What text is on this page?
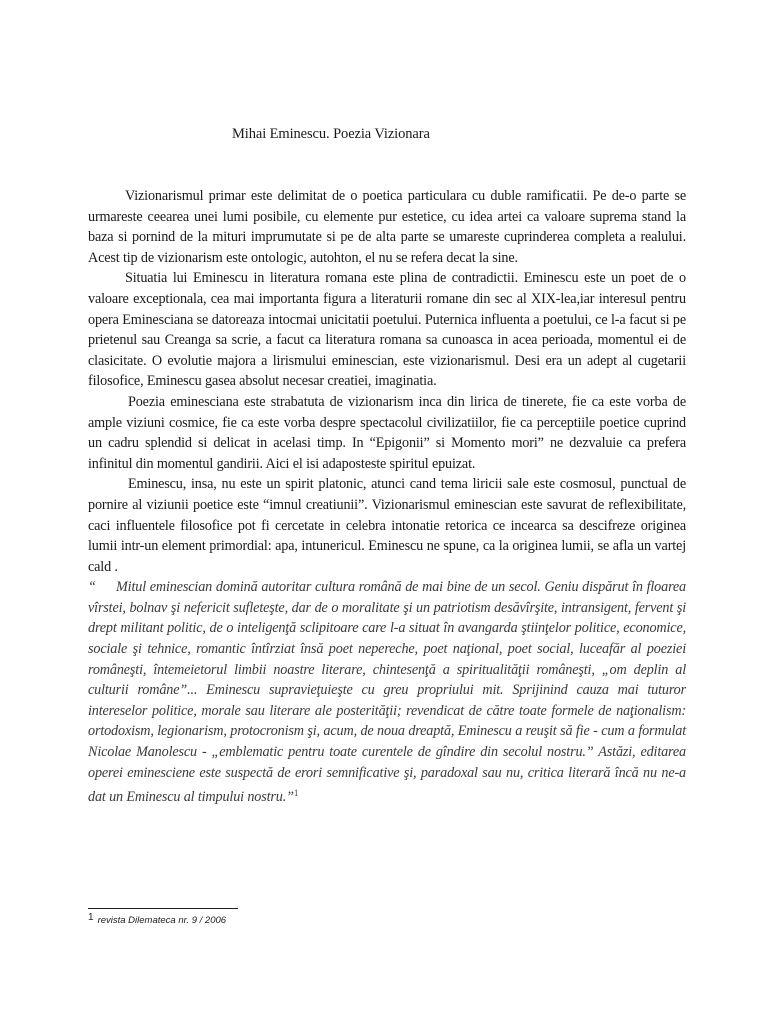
Mihai Eminescu. Poezia Vizionara

Vizionarismul primar este delimitat de o poetica particulara cu duble ramificatii. Pe de-o parte se urmareste ceearea unei lumi posibile, cu elemente pur estetice, cu idea artei ca valoare suprema stand la baza si pornind de la mituri imprumutate si pe de alta parte se umareste cuprinderea completa a realului. Acest tip de vizionarism este ontologic, autohton, el nu se refera decat la sine.

Situatia lui Eminescu in literatura romana este plina de contradictii. Eminescu este un poet de o valoare exceptionala, cea mai importanta figura a literaturii romane din sec al XIX-lea,iar interesul pentru opera Eminesciana se datoreaza intocmai unicitatii poetului. Puternica influenta a poetului, ce l-a facut si pe prietenul sau Creanga sa scrie, a facut ca literatura romana sa cunoasca in acea perioada, momentul ei de clasicitate. O evolutie majora a lirismului eminescian, este vizionarismul. Desi era un adept al cugetarii filosofice, Eminescu gasea absolut necesar creatiei, imaginatia.

Poezia eminesciana este strabatuta de vizionarism inca din lirica de tinerete, fie ca este vorba de ample viziuni cosmice, fie ca este vorba despre spectacolul civilizatiilor, fie ca perceptiile poetice cuprind un cadru splendid si delicat in acelasi timp. In “Epigonii” si Momento mori” ne dezvaluie ca prefera infinitul din momentul gandirii. Aici el isi adaposteste spiritul epuizat.

Eminescu, insa, nu este un spirit platonic, atunci cand tema liricii sale este cosmosul, punctual de pornire al viziunii poetice este “imnul creatiunii”. Vizionarismul eminescian este savurat de reflexibilitate, caci influentele filosofice pot fi cercetate in celebra intonatie retorica ce incearca sa descifreze originea lumii intr-un element primordial: apa, intunericul. Eminescu ne spune, ca la originea lumii, se afla un vartej cald .

“ Mitul eminescian domină autoritar cultura română de mai bine de un secol. Geniu dispărut în floarea vîrstei, bolnav şi nefericit sufleteşte, dar de o moralitate şi un patriotism desăvîrşite, intransigent, fervent şi drept militant politic, de o inteligenţă sclipitoare care l-a situat în avangarda ştiinţelor politice, economice, sociale şi tehnice, romantic întîrziat însă poet nepereche, poet naţional, poet social, luceafăr al poeziei româneşti, întemeietorul limbii noastre literare, chintesenţă a spiritualităţii româneşti, „om deplin al culturii române”... Eminescu supravieţuieşte cu greu propriului mit. Sprijinind cauza mai tuturor intereselor politice, morale sau literare ale posterităţii; revendicat de către toate formele de naţionalism: ortodoxism, legionarism, protocronism şi, acum, de noua dreaptă, Eminescu a reuşit să fie - cum a formulat Nicolae Manolescu - „emblematic pentru toate curentele de gîndire din secolul nostru.” Astăzi, editarea operei eminesciene este suspectă de erori semnificative şi, paradoxal sau nu, critica literară încă nu ne-a dat un Eminescu al timpului nostru.”$^1$

1 revista Dilemateca nr. 9 / 2006
